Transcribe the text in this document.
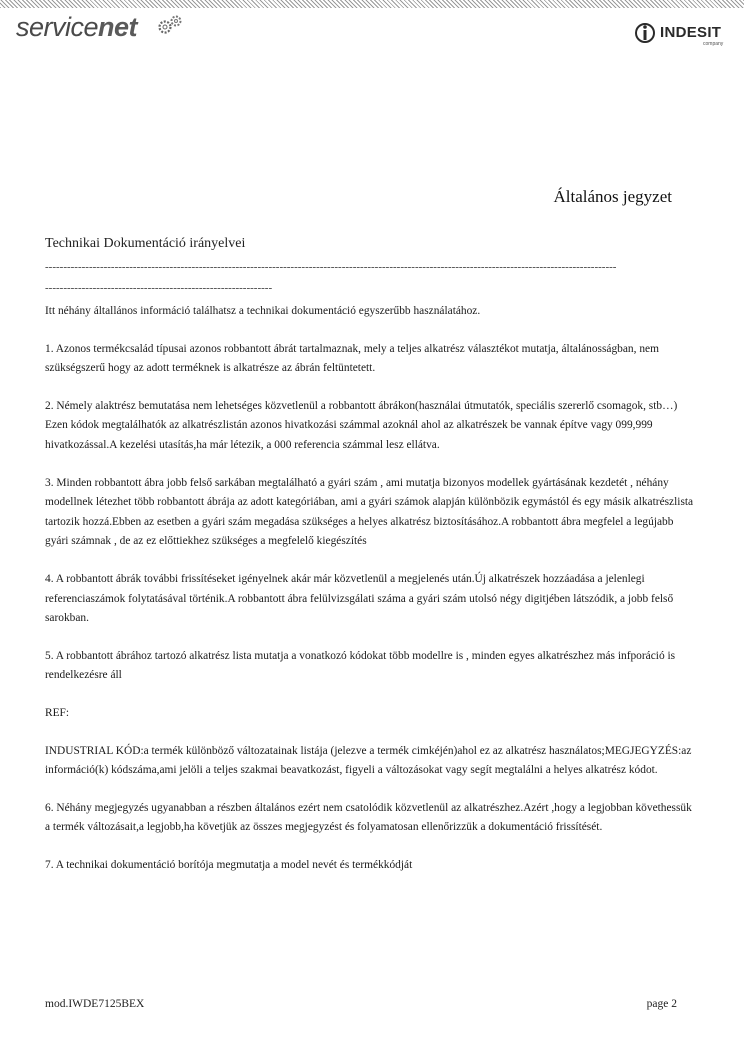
servicenet	INDESIT
company
Általános jegyzet
Technikai Dokumentáció irányelvei
------------------------------------------------------------------------------------------------------------------------------------------------------------
--------------------------------------------------------------

Itt néhány általlános információ találhatsz a technikai dokumentáció egyszerűbb használatához.

1. Azonos termékcsalád típusai azonos robbantott ábrát tartalmaznak, mely a teljes alkatrész választékot mutatja, általánosságban, nem szükségszerű hogy az adott terméknek is alkatrésze az ábrán feltüntetett.

2. Némely alaktrész bemutatása nem lehetséges közvetlenül a robbantott ábrákon(használai útmutatók, speciális szererlő csomagok, stb…) Ezen kódok megtalálhatók az alkatrészlistán azonos hivatkozási számmal azoknál ahol az alkatrészek be vannak építve vagy 099,999 hivatkozással.A kezelési utasítás,ha már létezik, a 000 referencia számmal lesz ellátva.

3. Minden robbantott ábra jobb felső sarkában megtalálható a gyári szám , ami mutatja bizonyos modellek gyártásának kezdetét , néhány modellnek létezhet több robbantott ábrája az adott kategóriában, ami a gyári számok alapján különbözik egymástól és egy másik alkatrészlista tartozik hozzá.Ebben az esetben a gyári szám megadása szükséges a helyes alkatrész biztosításához.A robbantott ábra megfelel a legújabb gyári számnak , de az ez előttiekhez szükséges a megfelelő kiegészítés

4. A robbantott ábrák további frissítéseket igényelnek akár már közvetlenül a megjelenés után.Új alkatrészek hozzáadása a jelenlegi referenciaszámok folytatásával történik.A robbantott ábra felülvizsgálati száma a gyári szám utolsó négy digitjében látszódik, a jobb felső sarokban.

5. A robbantott ábrához tartozó alkatrész lista mutatja a vonatkozó kódokat több modellre is , minden egyes alkatrészhez más infporáció is rendelkezésre áll

REF:

INDUSTRIAL KÓD:a termék különböző változatainak listája (jelezve a termék cimkéjén)ahol ez az alkatrész használatos;MEGJEGYZÉS:az információ(k) kódszáma,ami jelöli a teljes szakmai beavatkozást, figyeli a változásokat vagy segít megtalálni a helyes alkatrész kódot.

6. Néhány megjegyzés ugyanabban a részben általános ezért nem csatolódik közvetlenül az alkatrészhez.Azért ,hogy a legjobban követhessük a termék változásait,a legjobb,ha követjük az összes megjegyzést és folyamatosan ellenőrizzük a dokumentáció frissítését.

7. A technikai dokumentáció borítója megmutatja a model nevét és termékkódját

mod.IWDE7125BEX	page 2
